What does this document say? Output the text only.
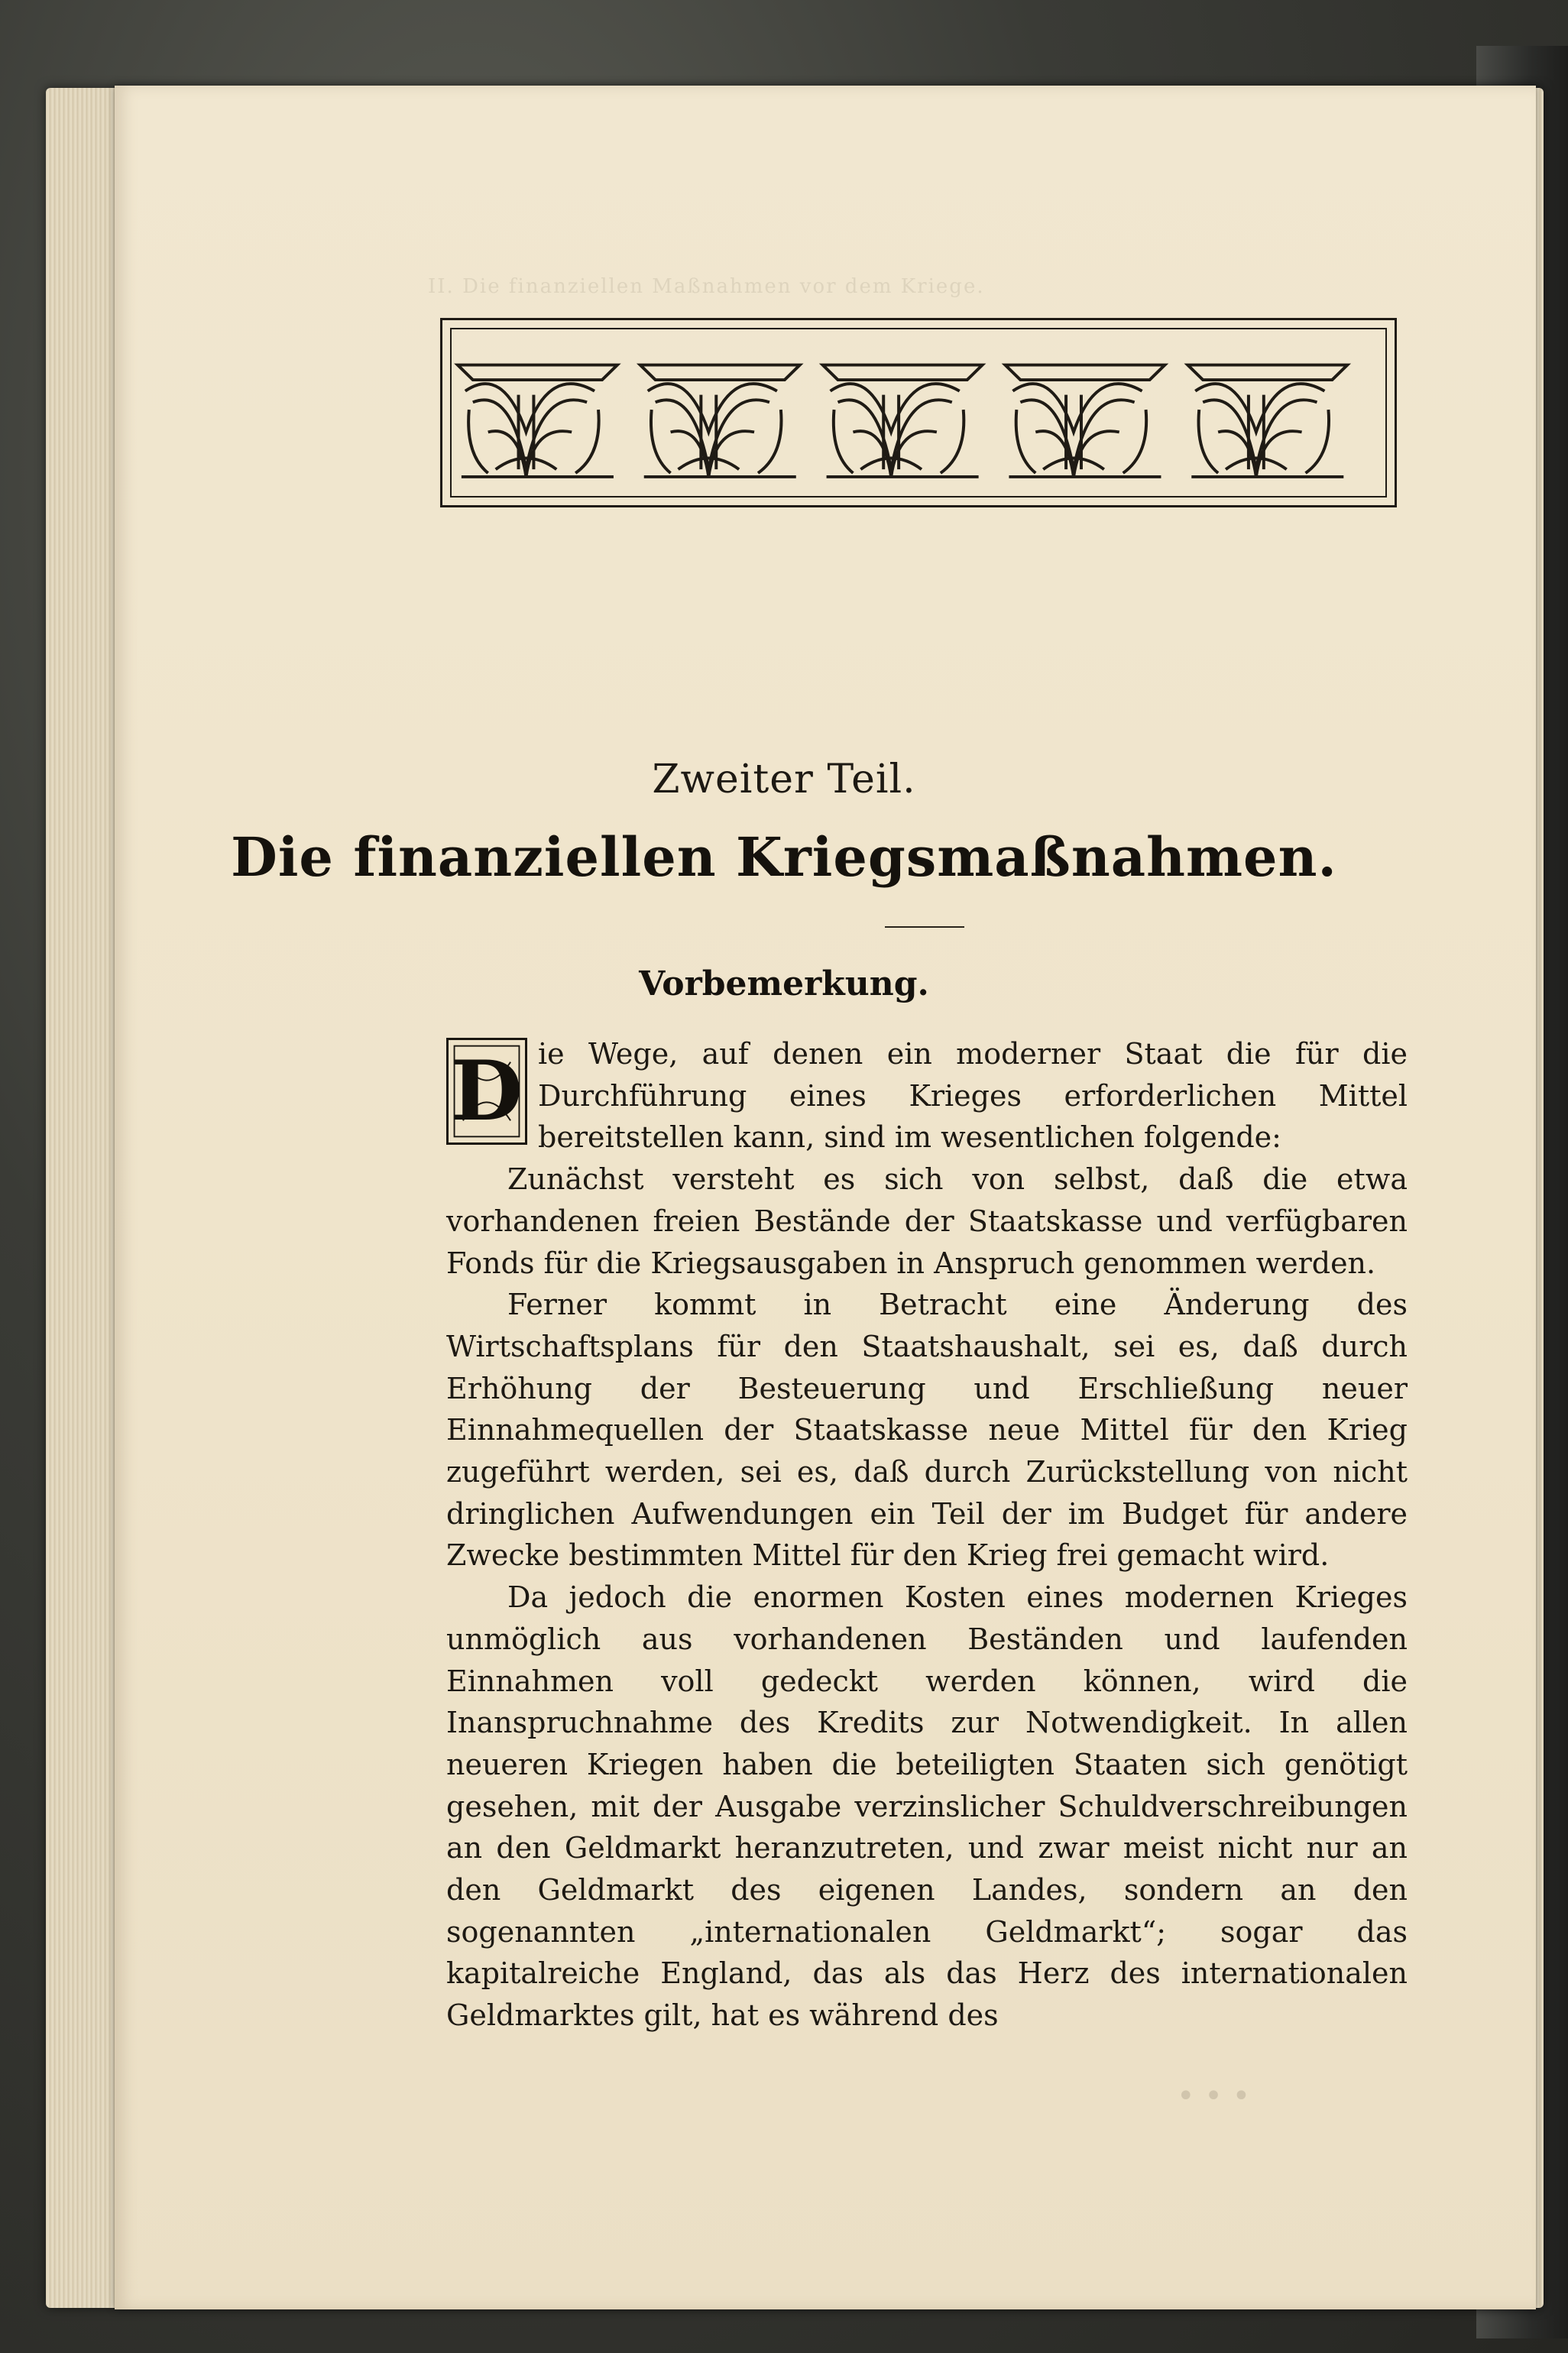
II. Die finanziellen Maßnahmen vor dem Kriege.
Zweiter Teil.
Die finanziellen Kriegsmaßnahmen.
Vorbemerkung.

D ie Wege, auf denen ein moderner Staat die für die Durchführung eines Krieges erforderlichen Mittel bereitstellen kann, sind im wesentlichen folgende:

Zunächst versteht es sich von selbst, daß die etwa vorhandenen freien Bestände der Staatskasse und verfügbaren Fonds für die Kriegsausgaben in Anspruch genommen werden.

Ferner kommt in Betracht eine Änderung des Wirtschaftsplans für den Staatshaushalt, sei es, daß durch Erhöhung der Besteuerung und Erschließung neuer Einnahmequellen der Staatskasse neue Mittel für den Krieg zugeführt werden, sei es, daß durch Zurückstellung von nicht dringlichen Aufwendungen ein Teil der im Budget für andere Zwecke bestimmten Mittel für den Krieg frei gemacht wird.

Da jedoch die enormen Kosten eines modernen Krieges unmöglich aus vorhandenen Beständen und laufenden Einnahmen voll gedeckt werden können, wird die Inanspruchnahme des Kredits zur Notwendigkeit. In allen neueren Kriegen haben die beteiligten Staaten sich genötigt gesehen, mit der Ausgabe verzinslicher Schuldverschreibungen an den Geldmarkt heranzutreten, und zwar meist nicht nur an den Geldmarkt des eigenen Landes, sondern an den sogenannten „internationalen Geldmarkt“; sogar das kapitalreiche England, das als das Herz des internationalen Geldmarktes gilt, hat es während des

• • •
